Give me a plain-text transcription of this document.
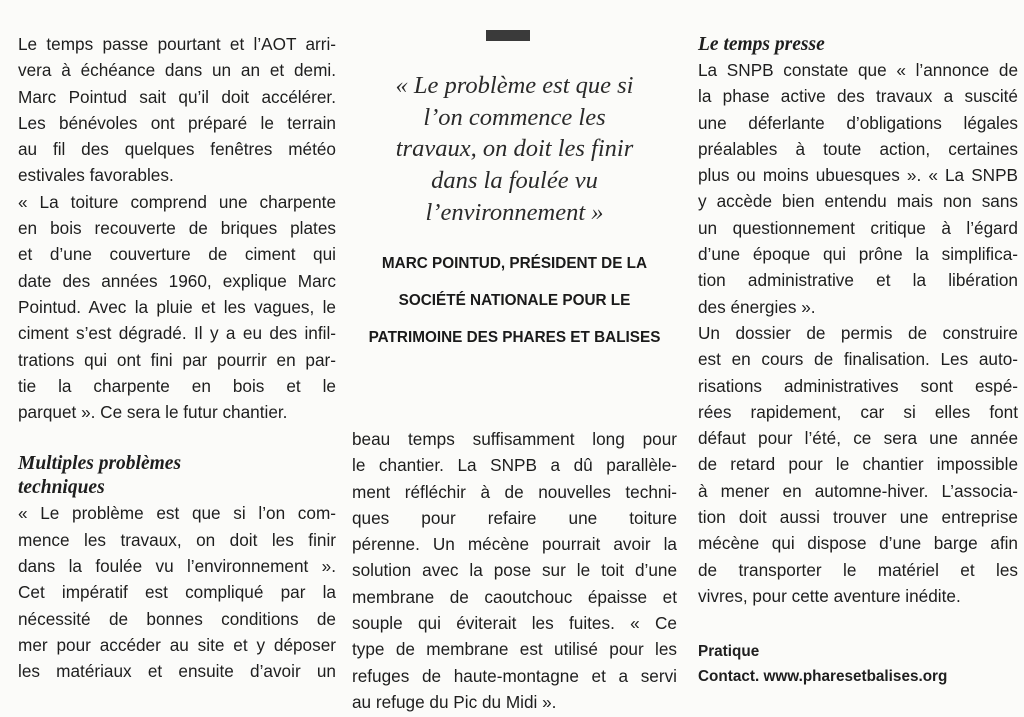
Le temps passe pourtant et l’AOT arri-
vera à échéance dans un an et demi.
Marc Pointud sait qu’il doit accélérer.
Les bénévoles ont préparé le terrain
au fil des quelques fenêtres météo
estivales favorables.
« La toiture comprend une charpente
en bois recouverte de briques plates
et d’une couverture de ciment qui
date des années 1960, explique Marc
Pointud. Avec la pluie et les vagues, le
ciment s’est dégradé. Il y a eu des infil-
trations qui ont fini par pourrir en par-
tie la charpente en bois et le
parquet ». Ce sera le futur chantier.
Multiples problèmes
techniques
« Le problème est que si l’on com-
mence les travaux, on doit les finir
dans la foulée vu l’environnement ».
Cet impératif est compliqué par la
nécessité de bonnes conditions de
mer pour accéder au site et y déposer
les matériaux et ensuite d’avoir un
« Le problème est que si
l’on commence les
travaux, on doit les finir
dans la foulée vu
l’environnement »
MARC POINTUD, PRÉSIDENT DE LA
SOCIÉTÉ NATIONALE POUR LE
PATRIMOINE DES PHARES ET BALISES
beau temps suffisamment long pour
le chantier. La SNPB a dû parallèle-
ment réfléchir à de nouvelles techni-
ques pour refaire une toiture
pérenne. Un mécène pourrait avoir la
solution avec la pose sur le toit d’une
membrane de caoutchouc épaisse et
souple qui éviterait les fuites. « Ce
type de membrane est utilisé pour les
refuges de haute-montagne et a servi
au refuge du Pic du Midi ».
Le temps presse
La SNPB constate que « l’annonce de
la phase active des travaux a suscité
une déferlante d’obligations légales
préalables à toute action, certaines
plus ou moins ubuesques ». « La SNPB
y accède bien entendu mais non sans
un questionnement critique à l’égard
d’une époque qui prône la simplifica-
tion administrative et la libération
des énergies ».
Un dossier de permis de construire
est en cours de finalisation. Les auto-
risations administratives sont espé-
rées rapidement, car si elles font
défaut pour l’été, ce sera une année
de retard pour le chantier impossible
à mener en automne-hiver. L’associa-
tion doit aussi trouver une entreprise
mécène qui dispose d’une barge afin
de transporter le matériel et les
vivres, pour cette aventure inédite.
Pratique
Contact. www.pharesetbalises.org
